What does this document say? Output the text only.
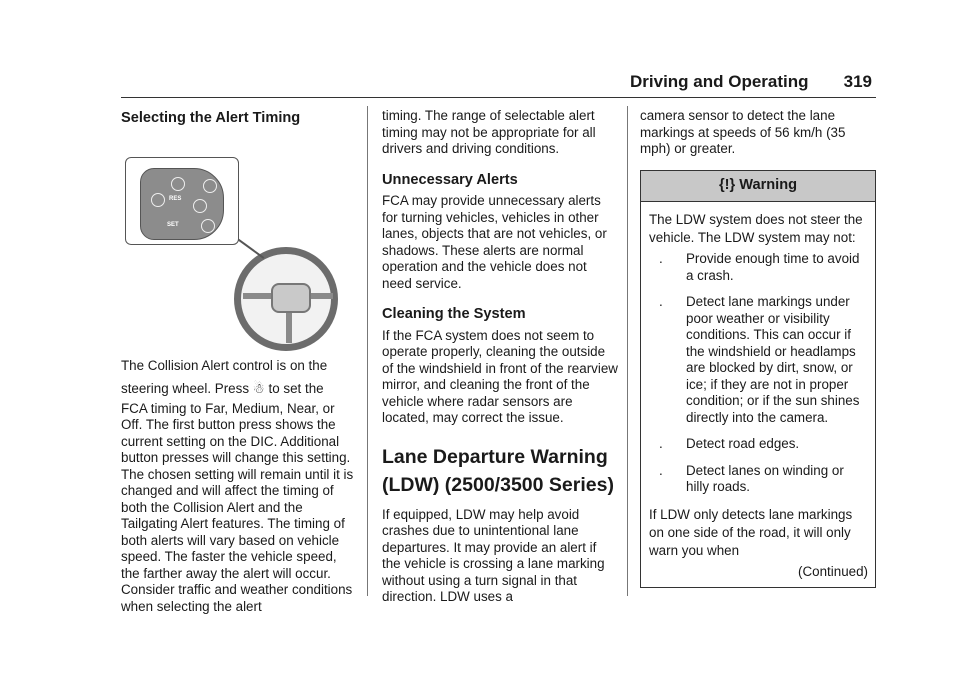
Driving and Operating 319
Selecting the Alert Timing
RES
SET

The Collision Alert control is on the

steering wheel. Press ☃ to set the

FCA timing to Far, Medium, Near, or Off. The first button press shows the current setting on the DIC. Additional button presses will change this setting. The chosen setting will remain until it is changed and will affect the timing of both the Collision Alert and the Tailgating Alert features. The timing of both alerts will vary based on vehicle speed. The faster the vehicle speed, the farther away the alert will occur. Consider traffic and weather conditions when selecting the alert

timing. The range of selectable alert timing may not be appropriate for all drivers and driving conditions.

Unnecessary Alerts

FCA may provide unnecessary alerts for turning vehicles, vehicles in other lanes, objects that are not vehicles, or shadows. These alerts are normal operation and the vehicle does not need service.

Cleaning the System

If the FCA system does not seem to operate properly, cleaning the outside of the windshield in front of the rearview mirror, and cleaning the front of the vehicle where radar sensors are located, may correct the issue.

Lane Departure Warning
(LDW) (2500/3500 Series)

If equipped, LDW may help avoid crashes due to unintentional lane departures. It may provide an alert if the vehicle is crossing a lane marking without using a turn signal in that direction. LDW uses a

camera sensor to detect the lane markings at speeds of 56 km/h (35 mph) or greater.

{!} Warning

The LDW system does not steer the vehicle. The LDW system may not:

. Provide enough time to avoid a crash.
. Detect lane markings under poor weather or visibility conditions. This can occur if the windshield or headlamps are blocked by dirt, snow, or ice; if they are not in proper condition; or if the sun shines directly into the camera.
. Detect road edges.
. Detect lanes on winding or hilly roads.

If LDW only detects lane markings on one side of the road, it will only warn you when

(Continued)
